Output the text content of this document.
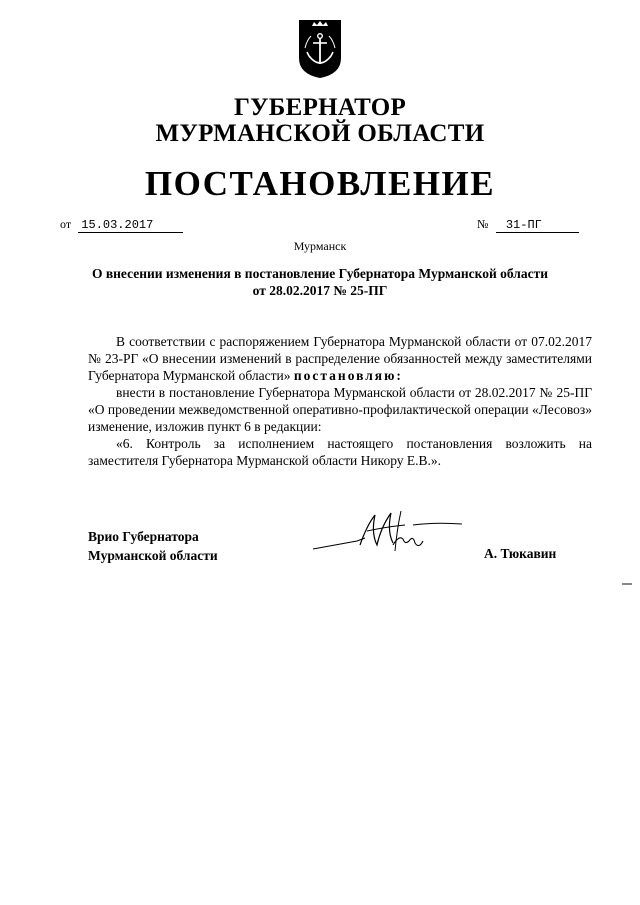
ГУБЕРНАТОР
МУРМАНСКОЙ ОБЛАСТИ
ПОСТАНОВЛЕНИЕ
от 15.03.2017	№ 31-ПГ
Мурманск
О внесении изменения в постановление Губернатора Мурманской области
от 28.02.2017 № 25-ПГ

В соответствии с распоряжением Губернатора Мурманской области от 07.02.2017 № 23-РГ «О внесении изменений в распределение обязанностей между заместителями Губернатора Мурманской области» постановляю:

внести в постановление Губернатора Мурманской области от 28.02.2017 № 25-ПГ «О проведении межведомственной оперативно-профилактической операции «Лесовоз» изменение, изложив пункт 6 в редакции:

«6. Контроль за исполнением настоящего постановления возложить на заместителя Губернатора Мурманской области Никору Е.В.».

Врио Губернатора
Мурманской области	А. Тюкавин
